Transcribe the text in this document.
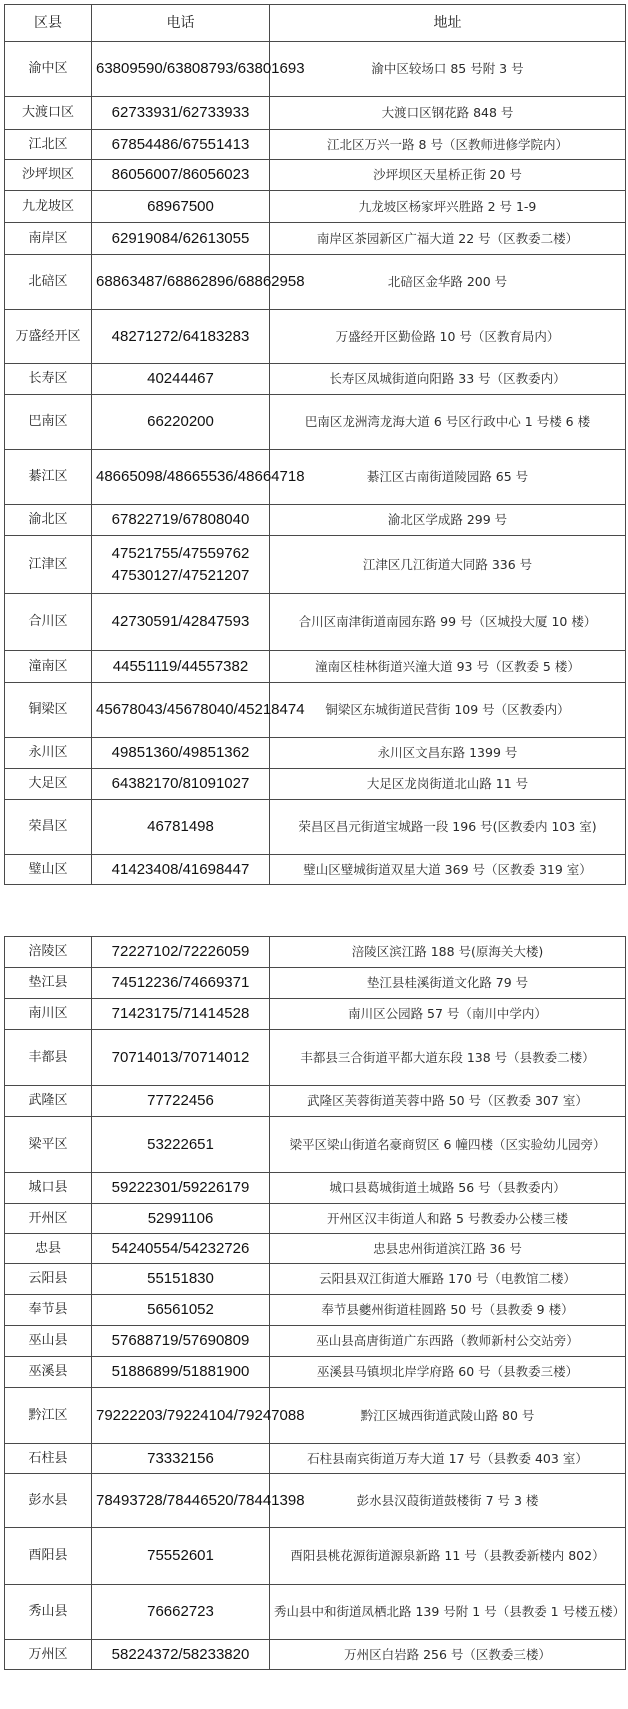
区县	电话	地址
渝中区	63809590/63808793/63801693	渝中区较场口 85 号附 3 号
大渡口区	62733931/62733933	大渡口区钢花路 848 号
江北区	67854486/67551413	江北区万兴一路 8 号（区教师进修学院内）
沙坪坝区	86056007/86056023	沙坪坝区天星桥正街 20 号
九龙坡区	68967500	九龙坡区杨家坪兴胜路 2 号 1-9
南岸区	62919084/62613055	南岸区茶园新区广福大道 22 号（区教委二楼）
北碚区	68863487/68862896/68862958	北碚区金华路 200 号
万盛经开区	48271272/64183283	万盛经开区勤俭路 10 号（区教育局内）
长寿区	40244467	长寿区凤城街道向阳路 33 号（区教委内）
巴南区	66220200	巴南区龙洲湾龙海大道 6 号区行政中心 1 号楼 6 楼
綦江区	48665098/48665536/48664718	綦江区古南街道陵园路 65 号
渝北区	67822719/67808040	渝北区学成路 299 号
江津区	47521755/47559762 47530127/47521207	江津区几江街道大同路 336 号
合川区	42730591/42847593	合川区南津街道南园东路 99 号（区城投大厦 10 楼）
潼南区	44551119/44557382	潼南区桂林街道兴潼大道 93 号（区教委 5 楼）
铜梁区	45678043/45678040/45218474	铜梁区东城街道民营街 109 号（区教委内）
永川区	49851360/49851362	永川区文昌东路 1399 号
大足区	64382170/81091027	大足区龙岗街道北山路 11 号
荣昌区	46781498	荣昌区昌元街道宝城路一段 196 号(区教委内 103 室)
璧山区	41423408/41698447	璧山区璧城街道双星大道 369 号（区教委 319 室）
涪陵区	72227102/72226059	涪陵区滨江路 188 号(原海关大楼)
垫江县	74512236/74669371	垫江县桂溪街道文化路 79 号
南川区	71423175/71414528	南川区公园路 57 号（南川中学内）
丰都县	70714013/70714012	丰都县三合街道平都大道东段 138 号（县教委二楼）
武隆区	77722456	武隆区芙蓉街道芙蓉中路 50 号（区教委 307 室）
梁平区	53222651	梁平区梁山街道名豪商贸区 6 幢四楼（区实验幼儿园旁）
城口县	59222301/59226179	城口县葛城街道土城路 56 号（县教委内）
开州区	52991106	开州区汉丰街道人和路 5 号教委办公楼三楼
忠县	54240554/54232726	忠县忠州街道滨江路 36 号
云阳县	55151830	云阳县双江街道大雁路 170 号（电教馆二楼）
奉节县	56561052	奉节县夔州街道桂圆路 50 号（县教委 9 楼）
巫山县	57688719/57690809	巫山县高唐街道广东西路（教师新村公交站旁）
巫溪县	51886899/51881900	巫溪县马镇坝北岸学府路 60 号（县教委三楼）
黔江区	79222203/79224104/79247088	黔江区城西街道武陵山路 80 号
石柱县	73332156	石柱县南宾街道万寿大道 17 号（县教委 403 室）
彭水县	78493728/78446520/78441398	彭水县汉葭街道鼓楼街 7 号 3 楼
酉阳县	75552601	酉阳县桃花源街道源泉新路 11 号（县教委新楼内 802）
秀山县	76662723	秀山县中和街道凤栖北路 139 号附 1 号（县教委 1 号楼五楼）
万州区	58224372/58233820	万州区白岩路 256 号（区教委三楼）
